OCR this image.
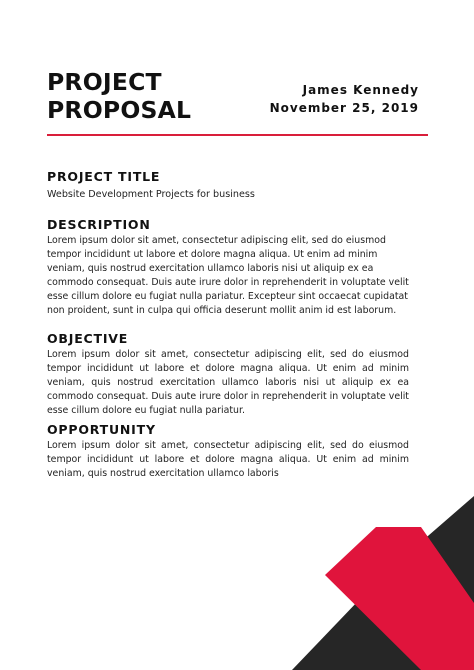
PROJECT
PROPOSAL
James Kennedy
November 25, 2019
PROJECT TITLE

Website Development Projects for business

DESCRIPTION

Lorem ipsum dolor sit amet, consectetur adipiscing elit, sed do eiusmod tempor incididunt ut labore et dolore magna aliqua. Ut enim ad minim veniam, quis nostrud exercitation ullamco laboris nisi ut aliquip ex ea commodo consequat. Duis aute irure dolor in reprehenderit in voluptate velit esse cillum dolore eu fugiat nulla pariatur. Excepteur sint occaecat cupidatat non proident, sunt in culpa qui officia deserunt mollit anim id est laborum.

OBJECTIVE

Lorem ipsum dolor sit amet, consectetur adipiscing elit, sed do eiusmod tempor incididunt ut labore et dolore magna aliqua. Ut enim ad minim veniam, quis nostrud exercitation ullamco laboris nisi ut aliquip ex ea commodo consequat. Duis aute irure dolor in reprehenderit in voluptate velit esse cillum dolore eu fugiat nulla pariatur.

OPPORTUNITY

Lorem ipsum dolor sit amet, consectetur adipiscing elit, sed do eiusmod tempor incididunt ut labore et dolore magna aliqua. Ut enim ad minim veniam, quis nostrud exercitation ullamco laboris
